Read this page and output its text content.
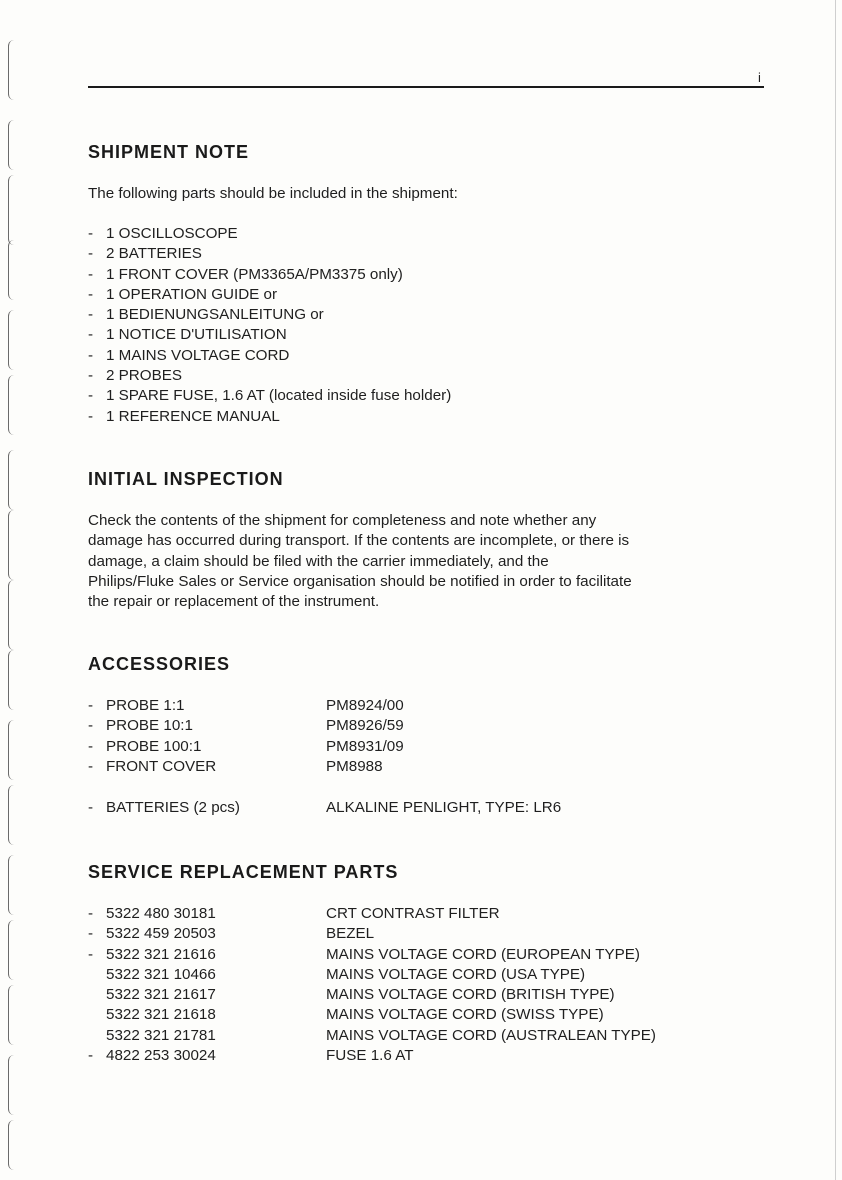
i
SHIPMENT NOTE

The following parts should be included in the shipment:

- 1 OSCILLOSCOPE
- 2 BATTERIES
- 1 FRONT COVER (PM3365A/PM3375 only)
- 1 OPERATION GUIDE or
- 1 BEDIENUNGSANLEITUNG or
- 1 NOTICE D'UTILISATION
- 1 MAINS VOLTAGE CORD
- 2 PROBES
- 1 SPARE FUSE, 1.6 AT (located inside fuse holder)
- 1 REFERENCE MANUAL
INITIAL INSPECTION
Check the contents of the shipment for completeness and note whether any
damage has occurred during transport. If the contents are incomplete, or there is
damage, a claim should be filed with the carrier immediately, and the
Philips/Fluke Sales or Service organisation should be notified in order to facilitate
the repair or replacement of the instrument.
ACCESSORIES
- PROBE 1:1	PM8924/00
- PROBE 10:1	PM8926/59
- PROBE 100:1	PM8931/09
- FRONT COVER	PM8988
- BATTERIES (2 pcs)	ALKALINE PENLIGHT, TYPE: LR6
SERVICE REPLACEMENT PARTS
- 5322 480 30181	CRT CONTRAST FILTER
- 5322 459 20503	BEZEL
- 5322 321 21616	MAINS VOLTAGE CORD (EUROPEAN TYPE)
5322 321 10466	MAINS VOLTAGE CORD (USA TYPE)
5322 321 21617	MAINS VOLTAGE CORD (BRITISH TYPE)
5322 321 21618	MAINS VOLTAGE CORD (SWISS TYPE)
5322 321 21781	MAINS VOLTAGE CORD (AUSTRALEAN TYPE)
- 4822 253 30024	FUSE 1.6 AT
